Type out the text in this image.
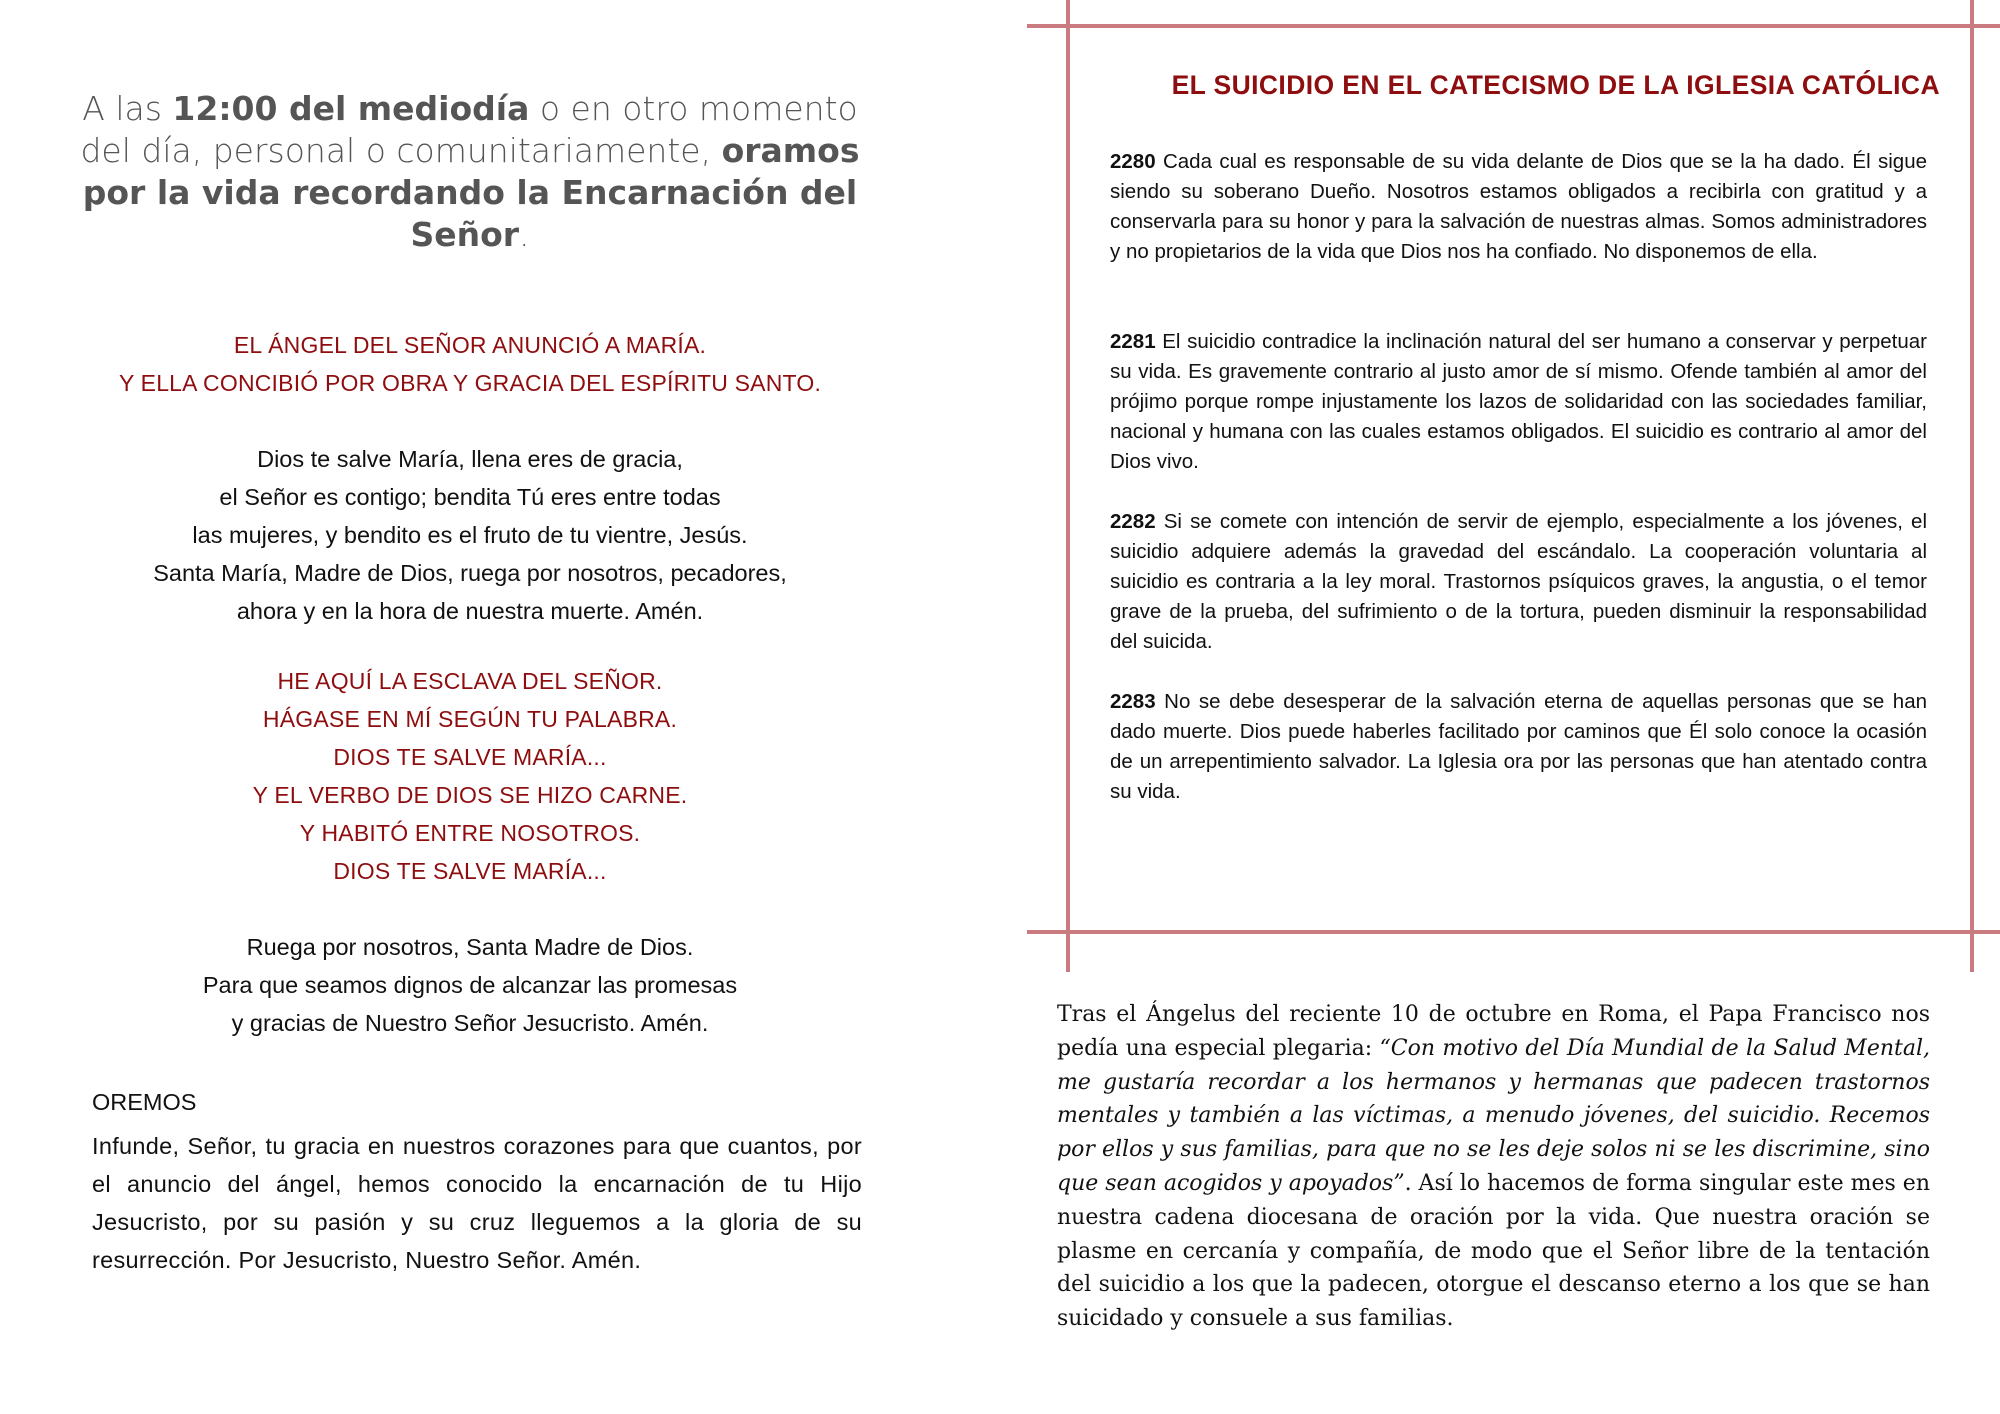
A las 12:00 del mediodía o en otro momento del día, personal o comunitariamente, oramos por la vida recordando la Encarnación del Señor.
EL ÁNGEL DEL SEÑOR ANUNCIÓ A MARÍA.
Y ELLA CONCIBIÓ POR OBRA Y GRACIA DEL ESPÍRITU SANTO.
Dios te salve María, llena eres de gracia,
el Señor es contigo; bendita Tú eres entre todas
las mujeres, y bendito es el fruto de tu vientre, Jesús.
Santa María, Madre de Dios, ruega por nosotros, pecadores,
ahora y en la hora de nuestra muerte. Amén.
HE AQUÍ LA ESCLAVA DEL SEÑOR.
HÁGASE EN MÍ SEGÚN TU PALABRA.
DIOS TE SALVE MARÍA...
Y EL VERBO DE DIOS SE HIZO CARNE.
Y HABITÓ ENTRE NOSOTROS.
DIOS TE SALVE MARÍA...
Ruega por nosotros, Santa Madre de Dios.
Para que seamos dignos de alcanzar las promesas
y gracias de Nuestro Señor Jesucristo. Amén.
OREMOS
Infunde, Señor, tu gracia en nuestros corazones para que cuantos, por el anuncio del ángel, hemos conocido la encarnación de tu Hijo Jesucristo, por su pasión y su cruz lleguemos a la gloria de su resurrección. Por Jesucristo, Nuestro Señor. Amén.
EL SUICIDIO EN EL CATECISMO DE LA IGLESIA CATÓLICA
2280 Cada cual es responsable de su vida delante de Dios que se la ha dado. Él sigue siendo su soberano Dueño. Nosotros estamos obligados a recibirla con gratitud y a conservarla para su honor y para la salvación de nuestras almas. Somos administradores y no propietarios de la vida que Dios nos ha confiado. No disponemos de ella.
2281 El suicidio contradice la inclinación natural del ser humano a conservar y perpetuar su vida. Es gravemente contrario al justo amor de sí mismo. Ofende también al amor del prójimo porque rompe injustamente los lazos de solidaridad con las sociedades familiar, nacional y humana con las cuales estamos obligados. El suicidio es contrario al amor del Dios vivo.
2282 Si se comete con intención de servir de ejemplo, especialmente a los jóvenes, el suicidio adquiere además la gravedad del escándalo. La cooperación voluntaria al suicidio es contraria a la ley moral. Trastornos psíquicos graves, la angustia, o el temor grave de la prueba, del sufrimiento o de la tortura, pueden disminuir la responsabilidad del suicida.
2283 No se debe desesperar de la salvación eterna de aquellas personas que se han dado muerte. Dios puede haberles facilitado por caminos que Él solo conoce la ocasión de un arrepentimiento salvador. La Iglesia ora por las personas que han atentado contra su vida.
Tras el Ángelus del reciente 10 de octubre en Roma, el Papa Francisco nos pedía una especial plegaria: “Con motivo del Día Mundial de la Salud Mental, me gustaría recordar a los hermanos y hermanas que padecen trastornos mentales y también a las víctimas, a menudo jóvenes, del suicidio. Recemos por ellos y sus familias, para que no se les deje solos ni se les discrimine, sino que sean acogidos y apoyados”. Así lo hacemos de forma singular este mes en nuestra cadena diocesana de oración por la vida. Que nuestra oración se plasme en cercanía y compañía, de modo que el Señor libre de la tentación del suicidio a los que la padecen, otorgue el descanso eterno a los que se han suicidado y consuele a sus familias.
